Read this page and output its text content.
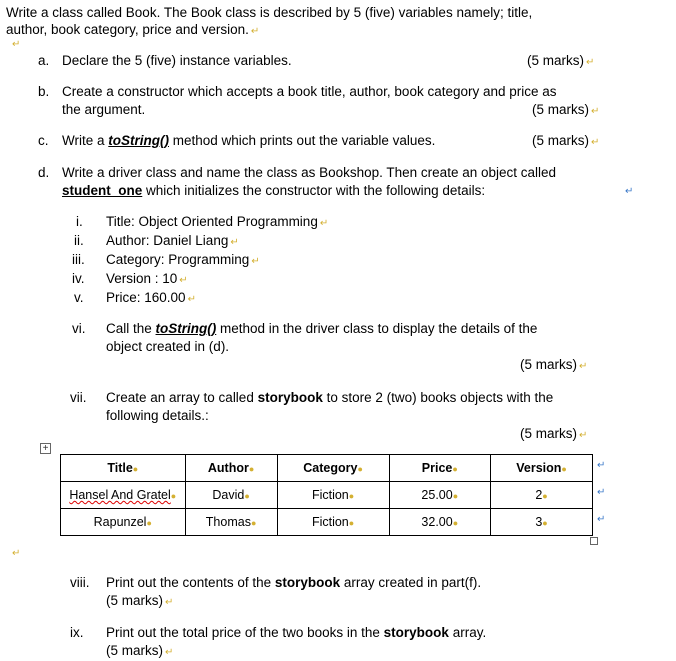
Write a class called Book. The Book class is described by 5 (five) variables namely; title,
author, book category, price and version. ↵
↵
a. Declare the 5 (five) instance variables.	(5 marks) ↵
b. Create a constructor which accepts a book title, author, book category and price as
the argument.	(5 marks) ↵
c. Write a toString() method which prints out the variable values.	(5 marks) ↵
d. Write a driver class and name the class as Bookshop. Then create an object called
student_one which initializes the constructor with the following details:	↵
i. Title: Object Oriented Programming ↵
ii. Author: Daniel Liang ↵
iii. Category: Programming ↵
iv. Version : 10 ↵
v. Price: 160.00 ↵
vi. Call the toString() method in the driver class to display the details of the
object created in (d).
(5 marks) ↵
vii. Create an array to called storybook to store 2 (two) books objects with the
following details.:
(5 marks) ↵
+
Title●	Author●	Category●	Price●	Version●
Hansel And Gratel●	David●	Fiction●	25.00●	2●
Rapunzel●	Thomas●	Fiction●	32.00●	3●
↵
↵
↵
↵
viii. Print out the contents of the storybook array created in part(f).
(5 marks) ↵
ix. Print out the total price of the two books in the storybook array.
(5 marks) ↵
